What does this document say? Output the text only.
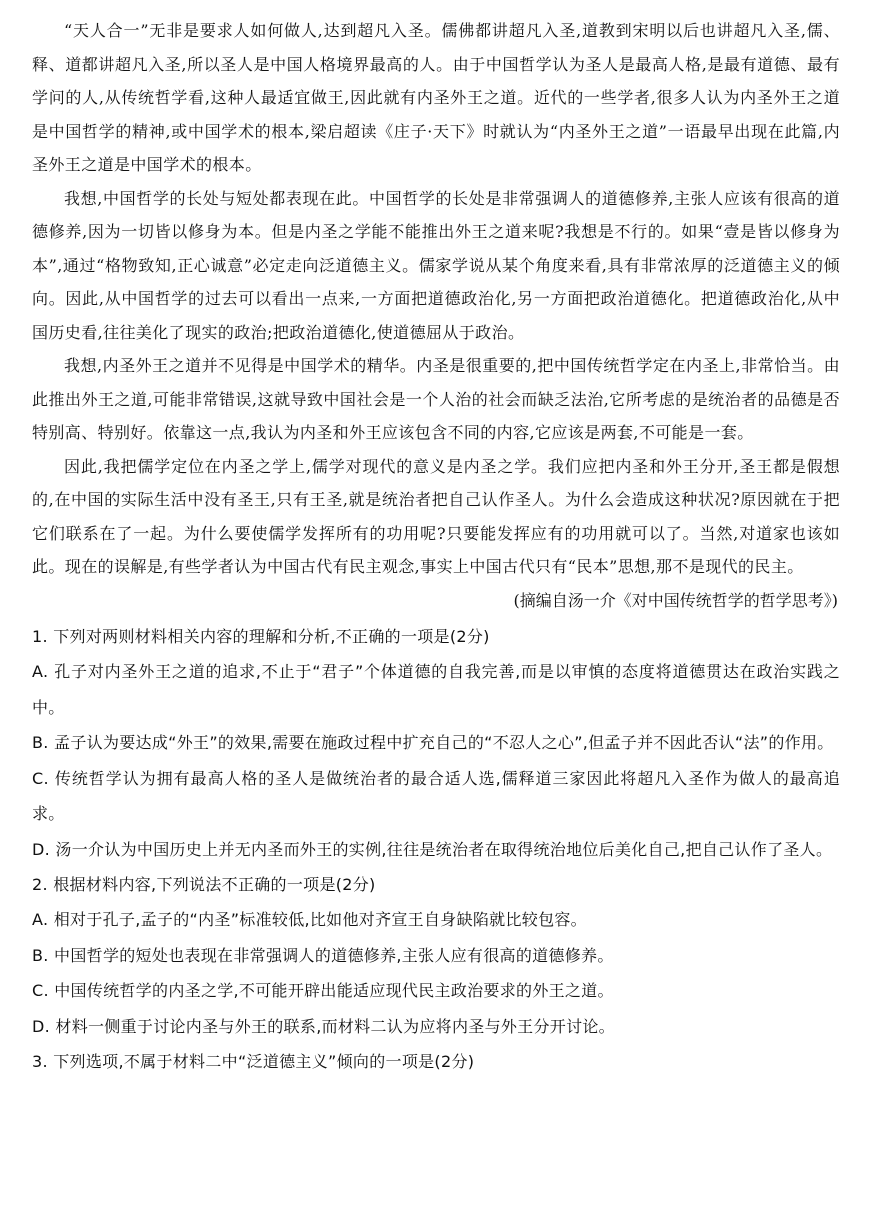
“天人合一”无非是要求人如何做人,达到超凡入圣。儒佛都讲超凡入圣,道教到宋明以后也讲超凡入圣,儒、释、道都讲超凡入圣,所以圣人是中国人格境界最高的人。由于中国哲学认为圣人是最高人格,是最有道德、最有学问的人,从传统哲学看,这种人最适宜做王,因此就有内圣外王之道。近代的一些学者,很多人认为内圣外王之道是中国哲学的精神,或中国学术的根本,梁启超读《庄子·天下》时就认为“内圣外王之道”一语最早出现在此篇,内圣外王之道是中国学术的根本。

我想,中国哲学的长处与短处都表现在此。中国哲学的长处是非常强调人的道德修养,主张人应该有很高的道德修养,因为一切皆以修身为本。但是内圣之学能不能推出外王之道来呢?我想是不行的。如果“壹是皆以修身为本”,通过“格物致知,正心诚意”必定走向泛道德主义。儒家学说从某个角度来看,具有非常浓厚的泛道德主义的倾向。因此,从中国哲学的过去可以看出一点来,一方面把道德政治化,另一方面把政治道德化。把道德政治化,从中国历史看,往往美化了现实的政治;把政治道德化,使道德屈从于政治。

我想,内圣外王之道并不见得是中国学术的精华。内圣是很重要的,把中国传统哲学定在内圣上,非常恰当。由此推出外王之道,可能非常错误,这就导致中国社会是一个人治的社会而缺乏法治,它所考虑的是统治者的品德是否特别高、特别好。依靠这一点,我认为内圣和外王应该包含不同的内容,它应该是两套,不可能是一套。

因此,我把儒学定位在内圣之学上,儒学对现代的意义是内圣之学。我们应把内圣和外王分开,圣王都是假想的,在中国的实际生活中没有圣王,只有王圣,就是统治者把自己认作圣人。为什么会造成这种状况?原因就在于把它们联系在了一起。为什么要使儒学发挥所有的功用呢?只要能发挥应有的功用就可以了。当然,对道家也该如此。现在的误解是,有些学者认为中国古代有民主观念,事实上中国古代只有“民本”思想,那不是现代的民主。

(摘编自汤一介《对中国传统哲学的哲学思考》)

1. 下列对两则材料相关内容的理解和分析,不正确的一项是(2分)

A. 孔子对内圣外王之道的追求,不止于“君子”个体道德的自我完善,而是以审慎的态度将道德贯达在政治实践之中。

B. 孟子认为要达成“外王”的效果,需要在施政过程中扩充自己的“不忍人之心”,但孟子并不因此否认“法”的作用。

C. 传统哲学认为拥有最高人格的圣人是做统治者的最合适人选,儒释道三家因此将超凡入圣作为做人的最高追求。

D. 汤一介认为中国历史上并无内圣而外王的实例,往往是统治者在取得统治地位后美化自己,把自己认作了圣人。

2. 根据材料内容,下列说法不正确的一项是(2分)

A. 相对于孔子,孟子的“内圣”标准较低,比如他对齐宣王自身缺陷就比较包容。

B. 中国哲学的短处也表现在非常强调人的道德修养,主张人应有很高的道德修养。

C. 中国传统哲学的内圣之学,不可能开辟出能适应现代民主政治要求的外王之道。

D. 材料一侧重于讨论内圣与外王的联系,而材料二认为应将内圣与外王分开讨论。

3. 下列选项,不属于材料二中“泛道德主义”倾向的一项是(2分)
